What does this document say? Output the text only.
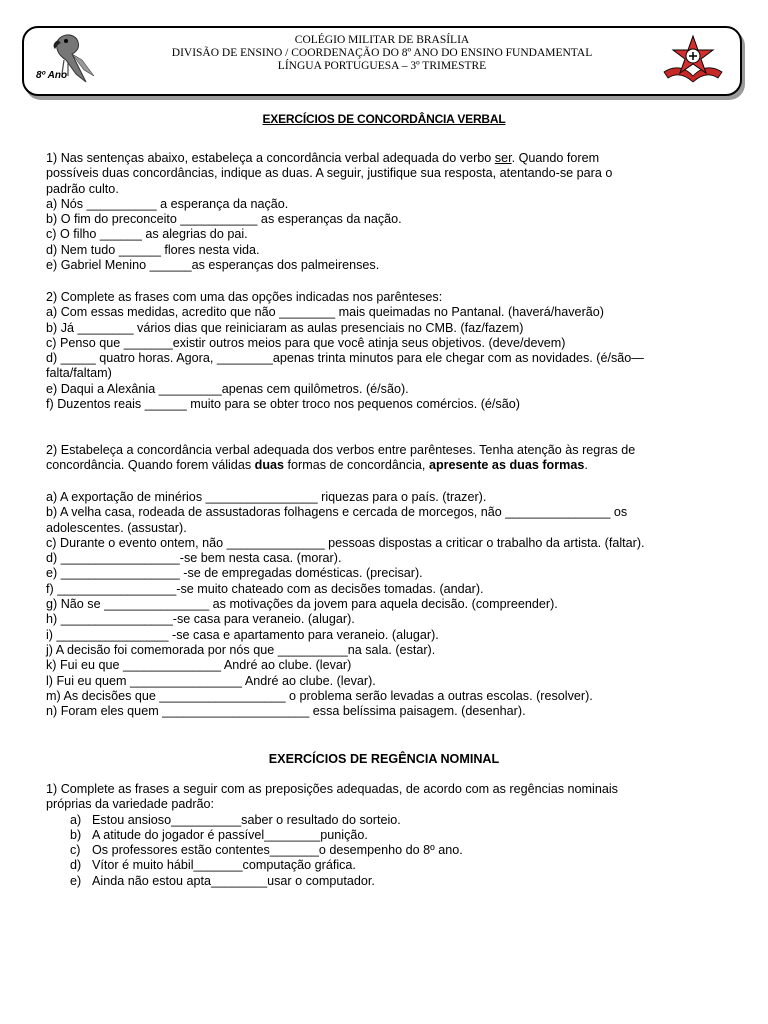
8º Ano
COLÉGIO MILITAR DE BRASÍLIA
DIVISÃO DE ENSINO / COORDENAÇÃO DO 8º ANO DO ENSINO FUNDAMENTAL
LÍNGUA PORTUGUESA – 3º TRIMESTRE
EXERCÍCIOS DE CONCORDÂNCIA VERBAL

1) Nas sentenças abaixo, estabeleça a concordância verbal adequada do verbo ser. Quando forem

possíveis duas concordâncias, indique as duas. A seguir, justifique sua resposta, atentando-se para o

padrão culto.

a) Nós __________ a esperança da nação.

b) O fim do preconceito ___________ as esperanças da nação.

c) O filho ______ as alegrias do pai.

d) Nem tudo ______ flores nesta vida.

e) Gabriel Menino ______as esperanças dos palmeirenses.

2) Complete as frases com uma das opções indicadas nos parênteses:

a) Com essas medidas, acredito que não ________ mais queimadas no Pantanal. (haverá/haverão)

b) Já ________ vários dias que reiniciaram as aulas presenciais no CMB. (faz/fazem)

c) Penso que _______existir outros meios para que você atinja seus objetivos. (deve/devem)

d) _____ quatro horas. Agora, ________apenas trinta minutos para ele chegar com as novidades. (é/são—

falta/faltam)

e) Daqui a Alexânia _________apenas cem quilômetros. (é/são).

f) Duzentos reais ______ muito para se obter troco nos pequenos comércios. (é/são)

2) Estabeleça a concordância verbal adequada dos verbos entre parênteses. Tenha atenção às regras de

concordância. Quando forem válidas duas formas de concordância, apresente as duas formas.

a) A exportação de minérios ________________ riquezas para o país. (trazer).

b) A velha casa, rodeada de assustadoras folhagens e cercada de morcegos, não _______________ os

adolescentes. (assustar).

c) Durante o evento ontem, não ______________ pessoas dispostas a criticar o trabalho da artista. (faltar).

d) _________________-se bem nesta casa. (morar).

e) _________________ -se de empregadas domésticas. (precisar).

f) _________________-se muito chateado com as decisões tomadas. (andar).

g) Não se _______________ as motivações da jovem para aquela decisão. (compreender).

h) ________________-se casa para veraneio. (alugar).

i) ________________ -se casa e apartamento para veraneio. (alugar).

j) A decisão foi comemorada por nós que __________na sala. (estar).

k) Fui eu que ______________ André ao clube. (levar)

l) Fui eu quem ________________ André ao clube. (levar).

m) As decisões que __________________ o problema serão levadas a outras escolas. (resolver).

n) Foram eles quem _____________________ essa belíssima paisagem. (desenhar).

EXERCÍCIOS DE REGÊNCIA NOMINAL

1) Complete as frases a seguir com as preposições adequadas, de acordo com as regências nominais

próprias da variedade padrão:

a) Estou ansioso__________saber o resultado do sorteio.
b) A atitude do jogador é passível________punição.
c) Os professores estão contentes_______o desempenho do 8º ano.
d) Vítor é muito hábil_______computação gráfica.
e) Ainda não estou apta________usar o computador.
